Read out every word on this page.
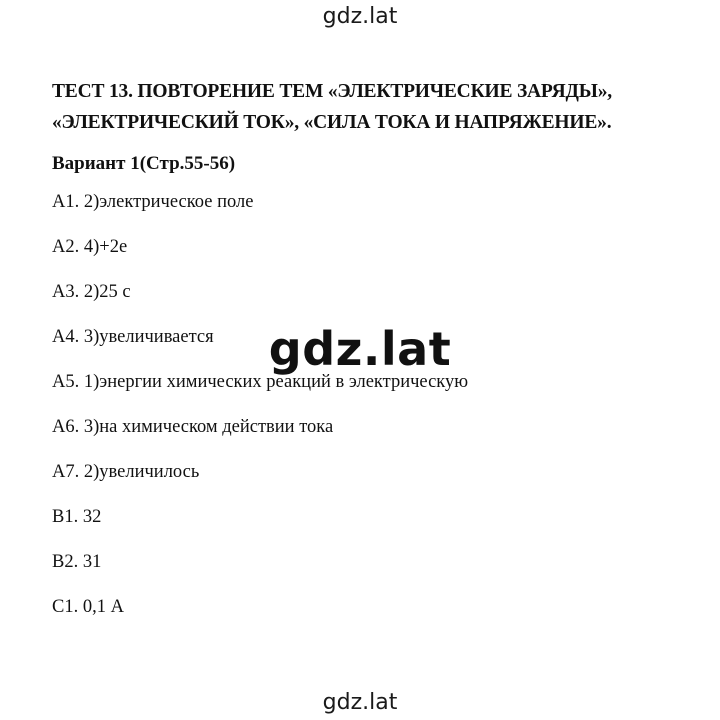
gdz.lat

ТЕСТ 13. ПОВТОРЕНИЕ ТЕМ «ЭЛЕКТРИЧЕСКИЕ ЗАРЯДЫ»,
«ЭЛЕКТРИЧЕСКИЙ ТОК», «СИЛА ТОКА И НАПРЯЖЕНИЕ».

Вариант 1(Стр.55-56)

А1. 2)электрическое поле
А2. 4)+2е
А3. 2)25 с
А4. 3)увеличивается
А5. 1)энергии химических реакций в электрическую
А6. 3)на химическом действии тока
А7. 2)увеличилось
В1. 32
В2. 31
С1. 0,1 А
gdz.lat
gdz.lat
